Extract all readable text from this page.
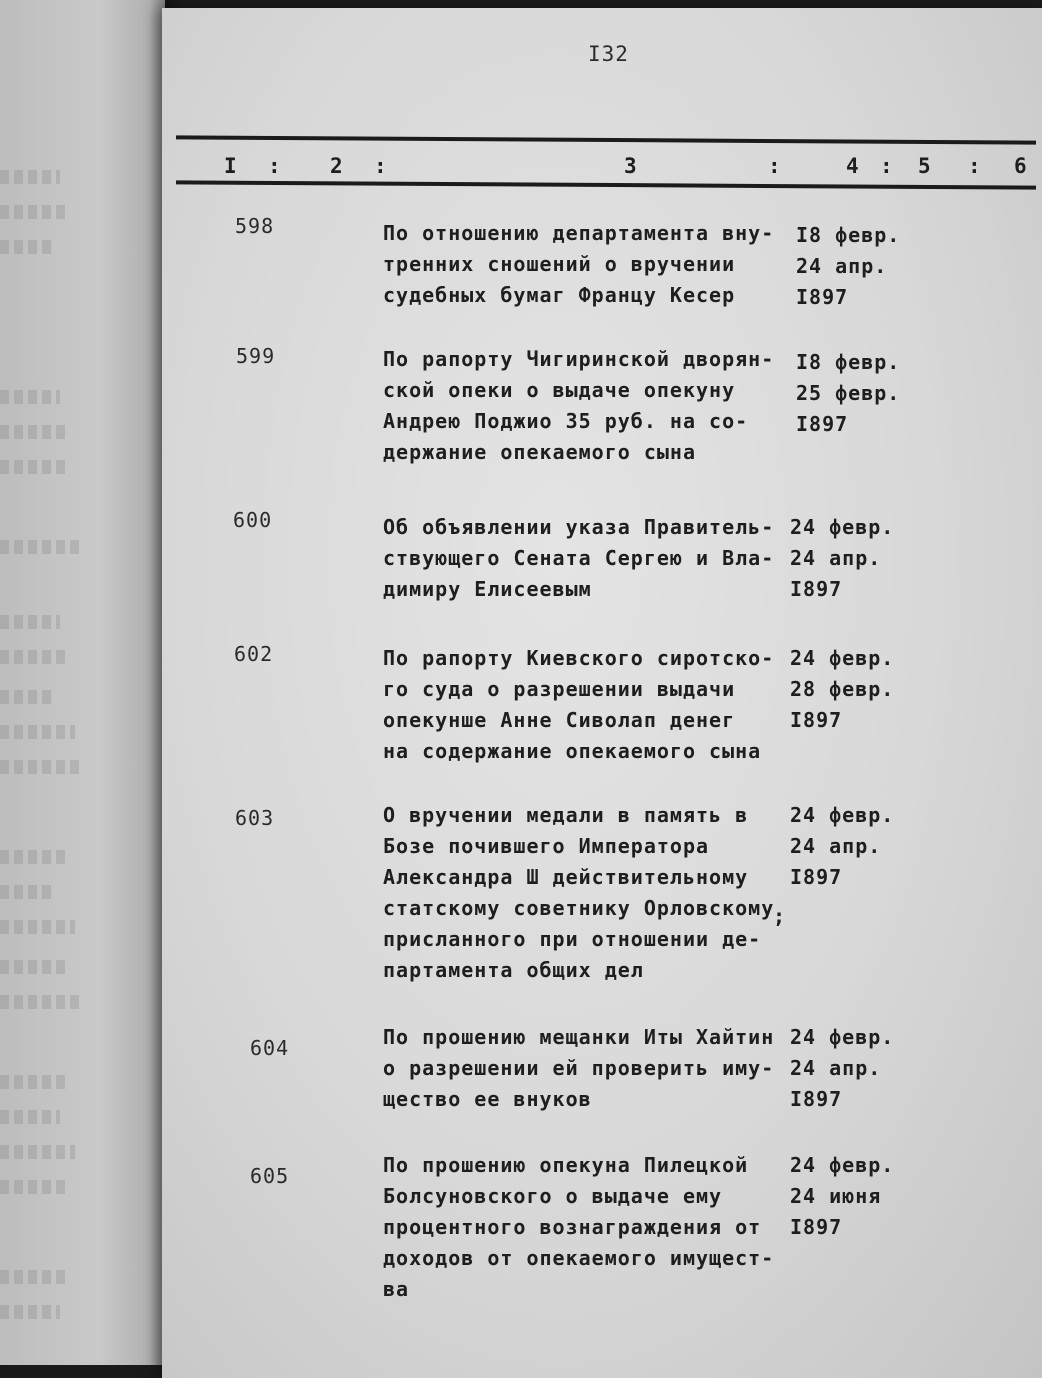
I32
I : 2 :	3	:	4 : 5 : 6
598	По отношению департамента вну-
тренних сношений о вручении
судебных бумаг Францу Кесер
I8 февр.
24 апр.
I897
599	По рапорту Чигиринской дворян-
ской опеки о выдаче опекуну
Андрею Поджио 35 руб. на со-
держание опекаемого сына
I8 февр.
25 февр.
I897
600	Об объявлении указа Правитель-
ствующего Сената Сергею и Вла-
димиру Елисеевым
24 февр.
24 апр.
I897
602	По рапорту Киевского сиротско-
го суда о разрешении выдачи
опекунше Анне Сиволап денег
на содержание опекаемого сына
24 февр.
28 февр.
I897
603	О вручении медали в память в
Бозе почившего Императора
Александра Ш действительному
статскому советнику Орловскому
присланного при отношении де-
партамента общих дел
;
24 февр.
24 апр.
I897
604	По прошению мещанки Иты Хайтин
о разрешении ей проверить иму-
щество ее внуков
24 февр.
24 апр.
I897
605	По прошению опекуна Пилецкой
Болсуновского о выдаче ему
процентного вознаграждения от
доходов от опекаемого имущест-
ва
24 февр.
24 июня
I897
